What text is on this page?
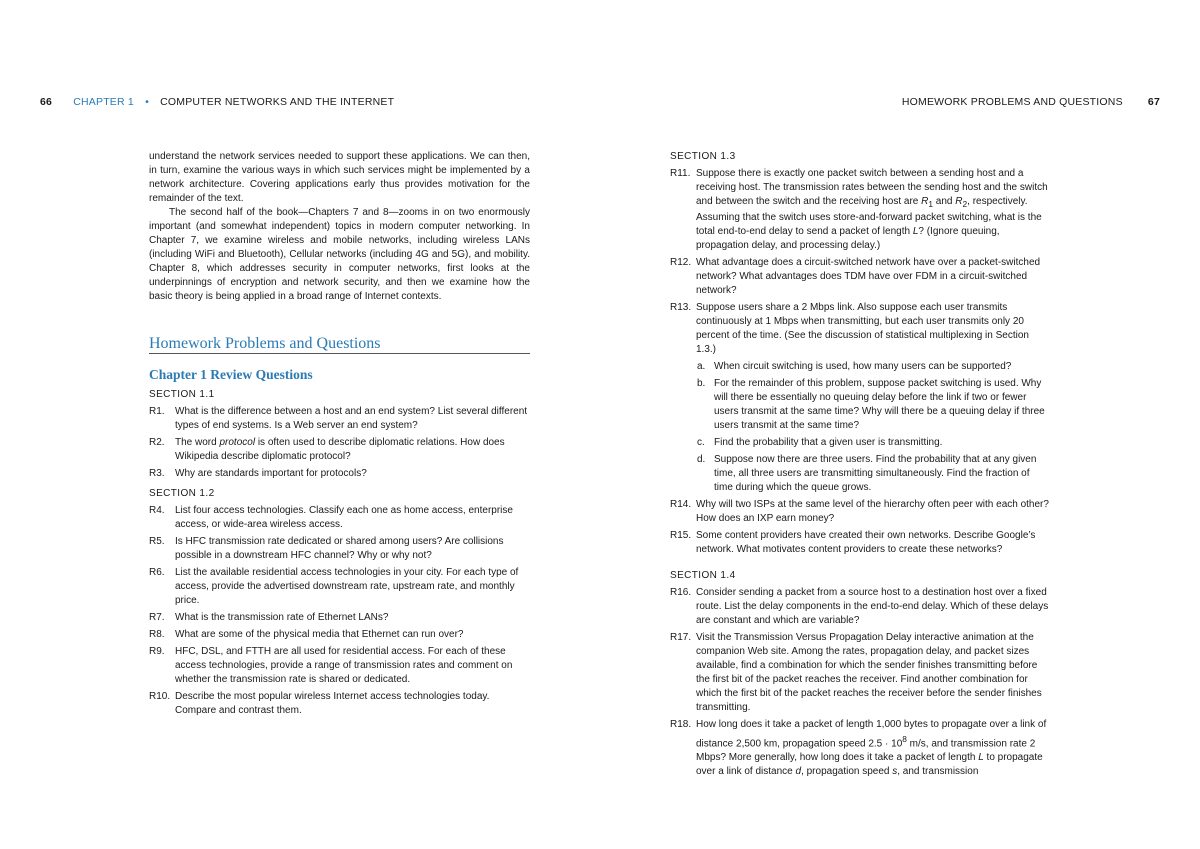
66 CHAPTER 1 • COMPUTER NETWORKS AND THE INTERNET

understand the network services needed to support these applications. We can then, in turn, examine the various ways in which such services might be implemented by a network architecture. Covering applications early thus provides motivation for the remainder of the text.

The second half of the book—Chapters 7 and 8—zooms in on two enormously important (and somewhat independent) topics in modern computer networking. In Chapter 7, we examine wireless and mobile networks, including wireless LANs (including WiFi and Bluetooth), Cellular networks (including 4G and 5G), and mobility. Chapter 8, which addresses security in computer networks, first looks at the underpinnings of encryption and network security, and then we examine how the basic theory is being applied in a broad range of Internet contexts.

Homework Problems and Questions
Chapter 1 Review Questions
SECTION 1.1
R1.	What is the difference between a host and an end system? List several different types of end systems. Is a Web server an end system?
R2.	The word protocol is often used to describe diplomatic relations. How does Wikipedia describe diplomatic protocol?
R3.	Why are standards important for protocols?
SECTION 1.2
R4.	List four access technologies. Classify each one as home access, enterprise access, or wide-area wireless access.
R5.	Is HFC transmission rate dedicated or shared among users? Are collisions possible in a downstream HFC channel? Why or why not?
R6.	List the available residential access technologies in your city. For each type of access, provide the advertised downstream rate, upstream rate, and monthly price.
R7.	What is the transmission rate of Ethernet LANs?
R8.	What are some of the physical media that Ethernet can run over?
R9.	HFC, DSL, and FTTH are all used for residential access. For each of these access technologies, provide a range of transmission rates and comment on whether the transmission rate is shared or dedicated.
R10. Describe the most popular wireless Internet access technologies today. Compare and contrast them.
HOMEWORK PROBLEMS AND QUESTIONS 67
SECTION 1.3
R11. Suppose there is exactly one packet switch between a sending host and a receiving host. The transmission rates between the sending host and the switch and between the switch and the receiving host are $R_1$ and $R_2$, respectively. Assuming that the switch uses store-and-forward packet switching, what is the total end-to-end delay to send a packet of length L? (Ignore queuing, propagation delay, and processing delay.)
R12. What advantage does a circuit-switched network have over a packet-switched network? What advantages does TDM have over FDM in a circuit-switched network?
R13. Suppose users share a 2 Mbps link. Also suppose each user transmits continuously at 1 Mbps when transmitting, but each user transmits only 20 percent of the time. (See the discussion of statistical multiplexing in Section 1.3.)
a. When circuit switching is used, how many users can be supported?
b. For the remainder of this problem, suppose packet switching is used. Why will there be essentially no queuing delay before the link if two or fewer users transmit at the same time? Why will there be a queuing delay if three users transmit at the same time?
c. Find the probability that a given user is transmitting.
d. Suppose now there are three users. Find the probability that at any given time, all three users are transmitting simultaneously. Find the fraction of time during which the queue grows.
R14. Why will two ISPs at the same level of the hierarchy often peer with each other? How does an IXP earn money?
R15. Some content providers have created their own networks. Describe Google’s network. What motivates content providers to create these networks?
SECTION 1.4
R16. Consider sending a packet from a source host to a destination host over a fixed route. List the delay components in the end-to-end delay. Which of these delays are constant and which are variable?
R17. Visit the Transmission Versus Propagation Delay interactive animation at the companion Web site. Among the rates, propagation delay, and packet sizes available, find a combination for which the sender finishes transmitting before the first bit of the packet reaches the receiver. Find another combination for which the first bit of the packet reaches the receiver before the sender finishes transmitting.
R18. How long does it take a packet of length 1,000 bytes to propagate over a link of distance 2,500 km, propagation speed $2.5 \cdot 10^8$ m/s, and transmission rate 2 Mbps? More generally, how long does it take a packet of length L to propagate over a link of distance d, propagation speed s, and transmission
